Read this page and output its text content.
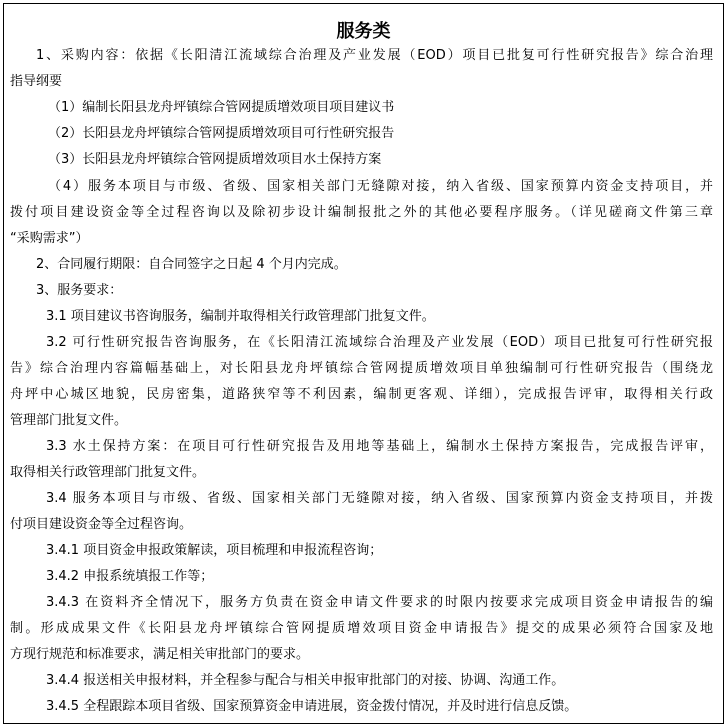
服务类
1、采购内容：依据《长阳清江流域综合治理及产业发展（EOD）项目已批复可行性研究报告》综合治理
指导纲要
（1）编制长阳县龙舟坪镇综合管网提质增效项目项目建议书
（2）长阳县龙舟坪镇综合管网提质增效项目可行性研究报告
（3）长阳县龙舟坪镇综合管网提质增效项目水土保持方案
（4）服务本项目与市级、省级、国家相关部门无缝隙对接，纳入省级、国家预算内资金支持项目，并
拨付项目建设资金等全过程咨询以及除初步设计编制报批之外的其他必要程序服务。（详见磋商文件第三章
“采购需求”）
2、合同履行期限：自合同签字之日起 4 个月内完成。
3、服务要求：
3.1 项目建议书咨询服务，编制并取得相关行政管理部门批复文件。
3.2 可行性研究报告咨询服务，在《长阳清江流域综合治理及产业发展（EOD）项目已批复可行性研究报
告》综合治理内容篇幅基础上，对长阳县龙舟坪镇综合管网提质增效项目单独编制可行性研究报告（围绕龙
舟坪中心城区地貌，民房密集，道路狭窄等不利因素，编制更客观、详细），完成报告评审，取得相关行政
管理部门批复文件。
3.3 水土保持方案：在项目可行性研究报告及用地等基础上，编制水土保持方案报告，完成报告评审，
取得相关行政管理部门批复文件。
3.4 服务本项目与市级、省级、国家相关部门无缝隙对接，纳入省级、国家预算内资金支持项目，并拨
付项目建设资金等全过程咨询。
3.4.1 项目资金申报政策解读，项目梳理和申报流程咨询；
3.4.2 申报系统填报工作等；
3.4.3 在资料齐全情况下，服务方负责在资金申请文件要求的时限内按要求完成项目资金申请报告的编
制。形成成果文件《长阳县龙舟坪镇综合管网提质增效项目资金申请报告》提交的成果必须符合国家及地
方现行规范和标准要求，满足相关审批部门的要求。
3.4.4 报送相关申报材料，并全程参与配合与相关申报审批部门的对接、协调、沟通工作。
3.4.5 全程跟踪本项目省级、国家预算资金申请进展，资金拨付情况，并及时进行信息反馈。
